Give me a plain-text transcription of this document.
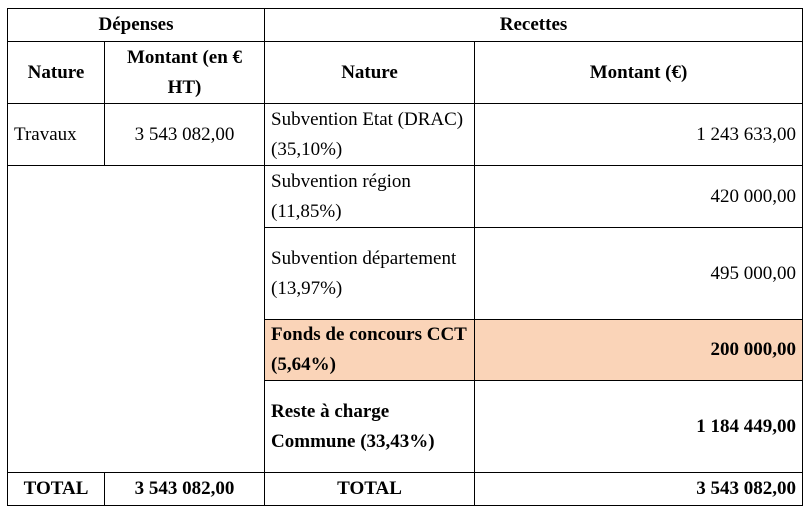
Dépenses		Recettes	
Nature	Montant (en € HT)	Nature	Montant (€)
Travaux	3 543 082,00	Subvention Etat (DRAC) (35,10%)	1 243 633,00
		Subvention région (11,85%)	420 000,00
		Subvention département (13,97%)	495 000,00
		Fonds de concours CCT (5,64%)	200 000,00
		Reste à charge Commune (33,43%)	1 184 449,00
TOTAL	3 543 082,00	TOTAL	3 543 082,00
